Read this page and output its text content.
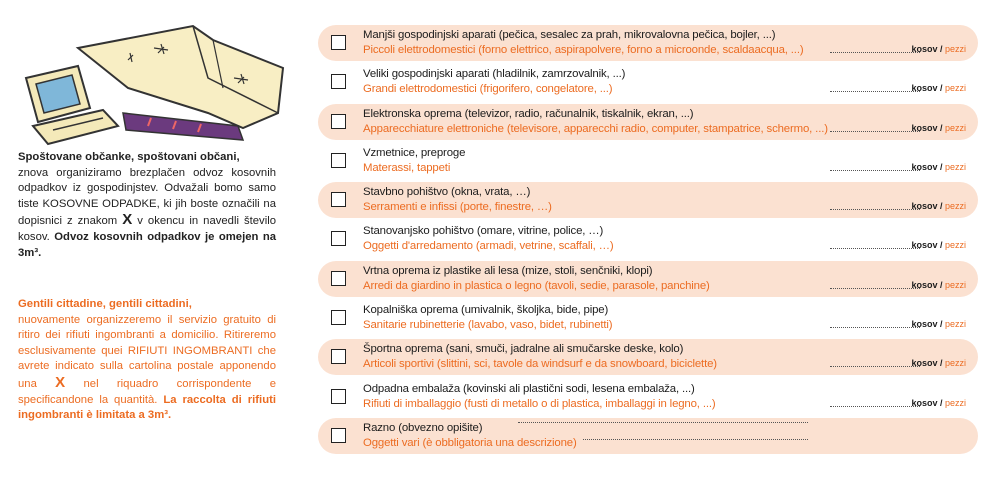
Spoštovane občanke, spoštovani občani,
znova organiziramo brezplačen odvoz kosovnih odpadkov iz gospodinjstev. Odvažali bomo samo tiste KOSOVNE ODPADKE, ki jih boste označili na dopisnici z znakom X v okencu in navedli število kosov. Odvoz kosovnih odpadkov je omejen na 3m³.
Gentili cittadine, gentili cittadini,
nuovamente organizzeremo il servizio gratuito di ritiro dei rifiuti ingombranti a domicilio. Ritireremo esclusivamente quei RIFIUTI INGOMBRANTI che avrete indicato sulla cartolina postale apponendo una X nel riquadro corrispondente e specificandone la quantità. La raccolta di rifiuti ingombranti è limitata a 3m³.
Manjši gospodinjski aparati (pečica, sesalec za prah, mikrovalovna pečica, bojler, ...)
Piccoli elettrodomestici (forno elettrico, aspirapolvere, forno a microonde, scaldaacqua, ...)	kosov / pezzi
Veliki gospodinjski aparati (hladilnik, zamrzovalnik, ...)
Grandi elettrodomestici (frigorifero, congelatore, ...)	kosov / pezzi
Elektronska oprema (televizor, radio, računalnik, tiskalnik, ekran, ...)
Apparecchiature elettroniche (televisore, apparecchi radio, computer, stampatrice, schermo, ...)	kosov / pezzi
Vzmetnice, preproge
Materassi, tappeti	kosov / pezzi
Stavbno pohištvo (okna, vrata, …)
Serramenti e infissi (porte, finestre, …)	kosov / pezzi
Stanovanjsko pohištvo (omare, vitrine, police, …)
Oggetti d'arredamento (armadi, vetrine, scaffali, …)	kosov / pezzi
Vrtna oprema iz plastike ali lesa (mize, stoli, senčniki, klopi)
Arredi da giardino in plastica o legno (tavoli, sedie, parasole, panchine)	kosov / pezzi
Kopalniška oprema (umivalnik, školjka, bide, pipe)
Sanitarie rubinetterie (lavabo, vaso, bidet, rubinetti)	kosov / pezzi
Športna oprema (sani, smuči, jadralne ali smučarske deske, kolo)
Articoli sportivi (slittini, sci, tavole da windsurf e da snowboard, biciclette)	kosov / pezzi
Odpadna embalaža (kovinski ali plastični sodi, lesena embalaža, ...)
Rifiuti di imballaggio (fusti di metallo o di plastica, imballaggi in legno, ...)	kosov / pezzi
Razno (obvezno opišite)
Oggetti vari (è obbligatoria una descrizione)
